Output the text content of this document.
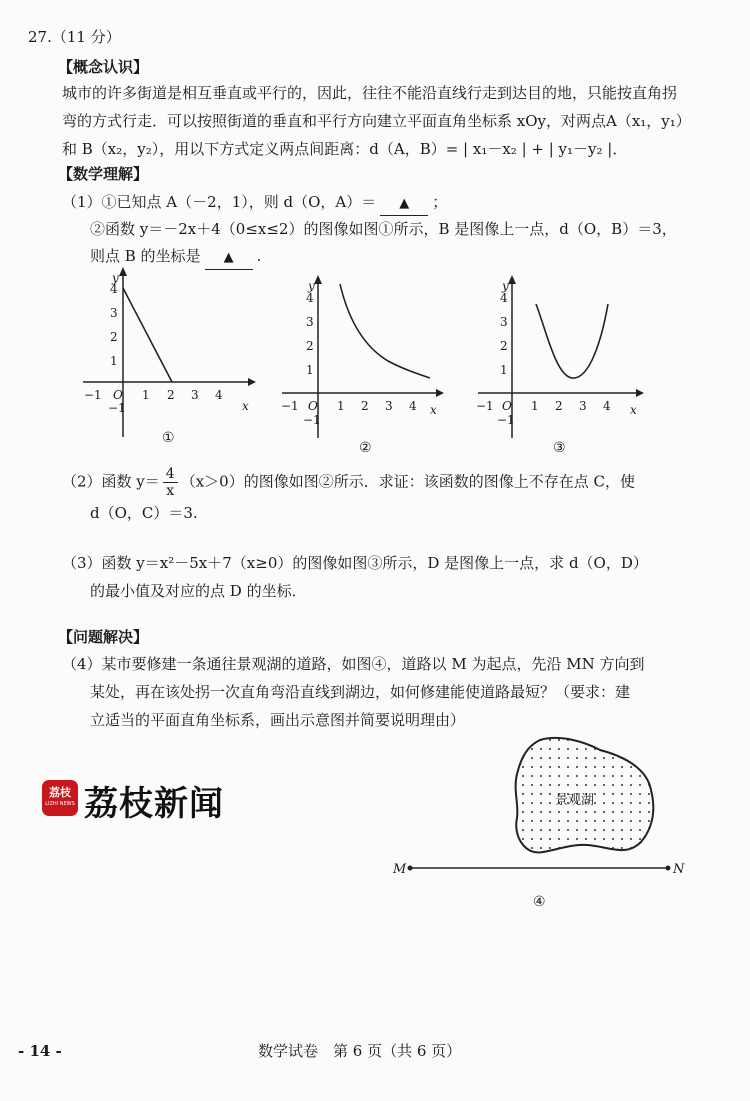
27.（11 分）
【概念认识】
城市的许多街道是相互垂直或平行的，因此，往往不能沿直线行走到达目的地，只能按直角拐
弯的方式行走．可以按照街道的垂直和平行方向建立平面直角坐标系 xOy，对两点A（x₁，y₁）
和 B（x₂，y₂），用以下方式定义两点间距离：d（A，B）= | x₁－x₂ | + | y₁－y₂ |．
【数学理解】
（1）①已知点 A（－2，1），则 d（O，A）＝ ▲ ；
②函数 y＝－2x＋4（0≤x≤2）的图像如图①所示，B 是图像上一点，d（O，B）＝3，
则点 B 的坐标是 ▲ .
y
x
4
3
2
1
−1 O
−1
1 2 3 4
①
y
x
4
3
2
1
−1 O
−1
1 2 3 4
②
y
x
4
3
2
1
−1 O
−1
1 2 3 4
③
（2）函数 $y= \frac{4}{x} (x>0)$的图像如图②所示．求证：该函数的图像上不存在点 C，使
d（O，C）＝3.
（3）函数 y＝x²－5x＋7（x≥0）的图像如图③所示，D 是图像上一点，求 d（O，D）
的最小值及对应的点 D 的坐标．
【问题解决】
（4）某市要修建一条通往景观湖的道路，如图④，道路以 M 为起点，先沿 MN 方向到
某处，再在该处拐一次直角弯沿直线到湖边，如何修建能使道路最短？（要求：建
立适当的平面直角坐标系，画出示意图并简要说明理由）
景观湖
M	N
④
荔枝
LIZHI NEWS 荔枝新闻
- 14 -	数学试卷　第 6 页（共 6 页）
